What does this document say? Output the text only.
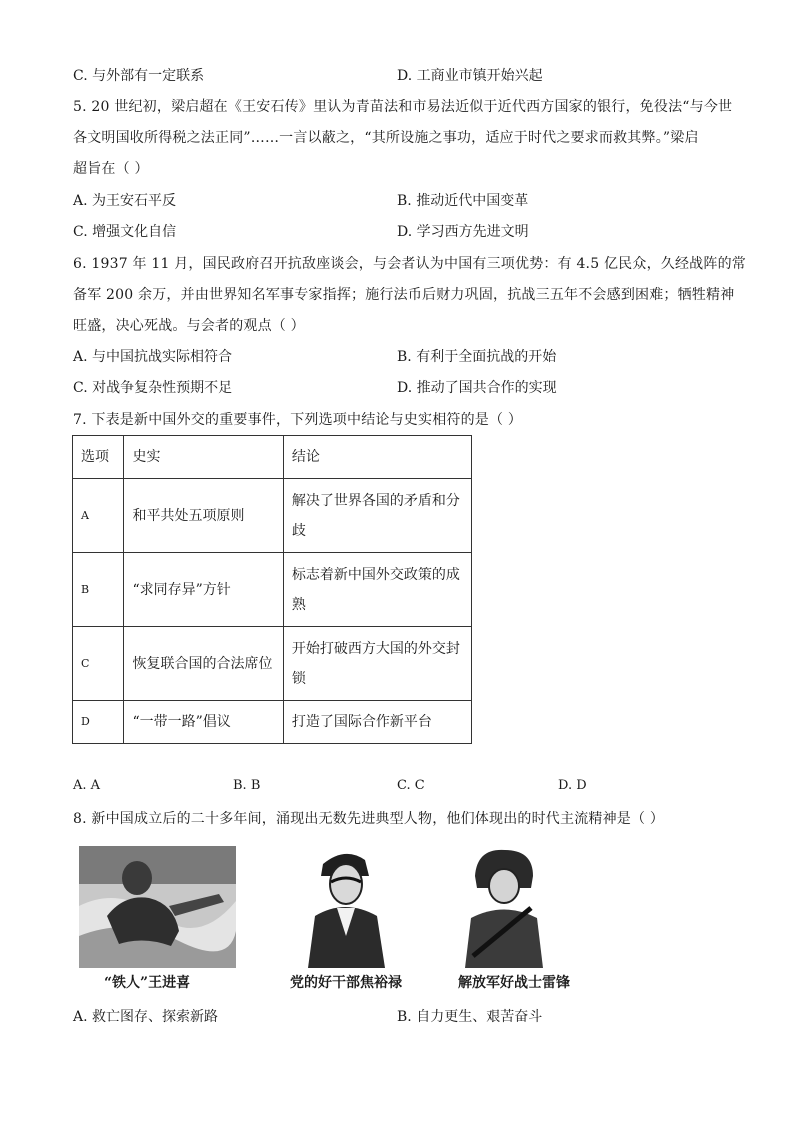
C. 与外部有一定联系	D. 工商业市镇开始兴起
5. 20 世纪初，梁启超在《王安石传》里认为青苗法和市易法近似于近代西方国家的银行，免役法“与今世
各文明国收所得税之法正同”……一言以蔽之，“其所设施之事功，适应于时代之要求而救其弊。”梁启
超旨在（ ）
A. 为王安石平反	B. 推动近代中国变革
C. 增强文化自信	D. 学习西方先进文明
6. 1937 年 11 月，国民政府召开抗敌座谈会，与会者认为中国有三项优势：有 4.5 亿民众，久经战阵的常
备军 200 余万，并由世界知名军事专家指挥；施行法币后财力巩固，抗战三五年不会感到困难；牺牲精神
旺盛，决心死战。与会者的观点（ ）
A. 与中国抗战实际相符合	B. 有利于全面抗战的开始
C. 对战争复杂性预期不足	D. 推动了国共合作的实现
7. 下表是新中国外交的重要事件，下列选项中结论与史实相符的是（ ）
选项	史实	结论
A	和平共处五项原则	解决了世界各国的矛盾和分
歧
B	“求同存异”方针	标志着新中国外交政策的成
熟
C	恢复联合国的合法席位	开始打破西方大国的外交封
锁
D	“一带一路”倡议	打造了国际合作新平台
A. A	B. B	C. C	D. D
8. 新中国成立后的二十多年间，涌现出无数先进典型人物，他们体现出的时代主流精神是（ ）
“铁人”王进喜	党的好干部焦裕禄	解放军好战士雷锋
A. 救亡图存、探索新路	B. 自力更生、艰苦奋斗
